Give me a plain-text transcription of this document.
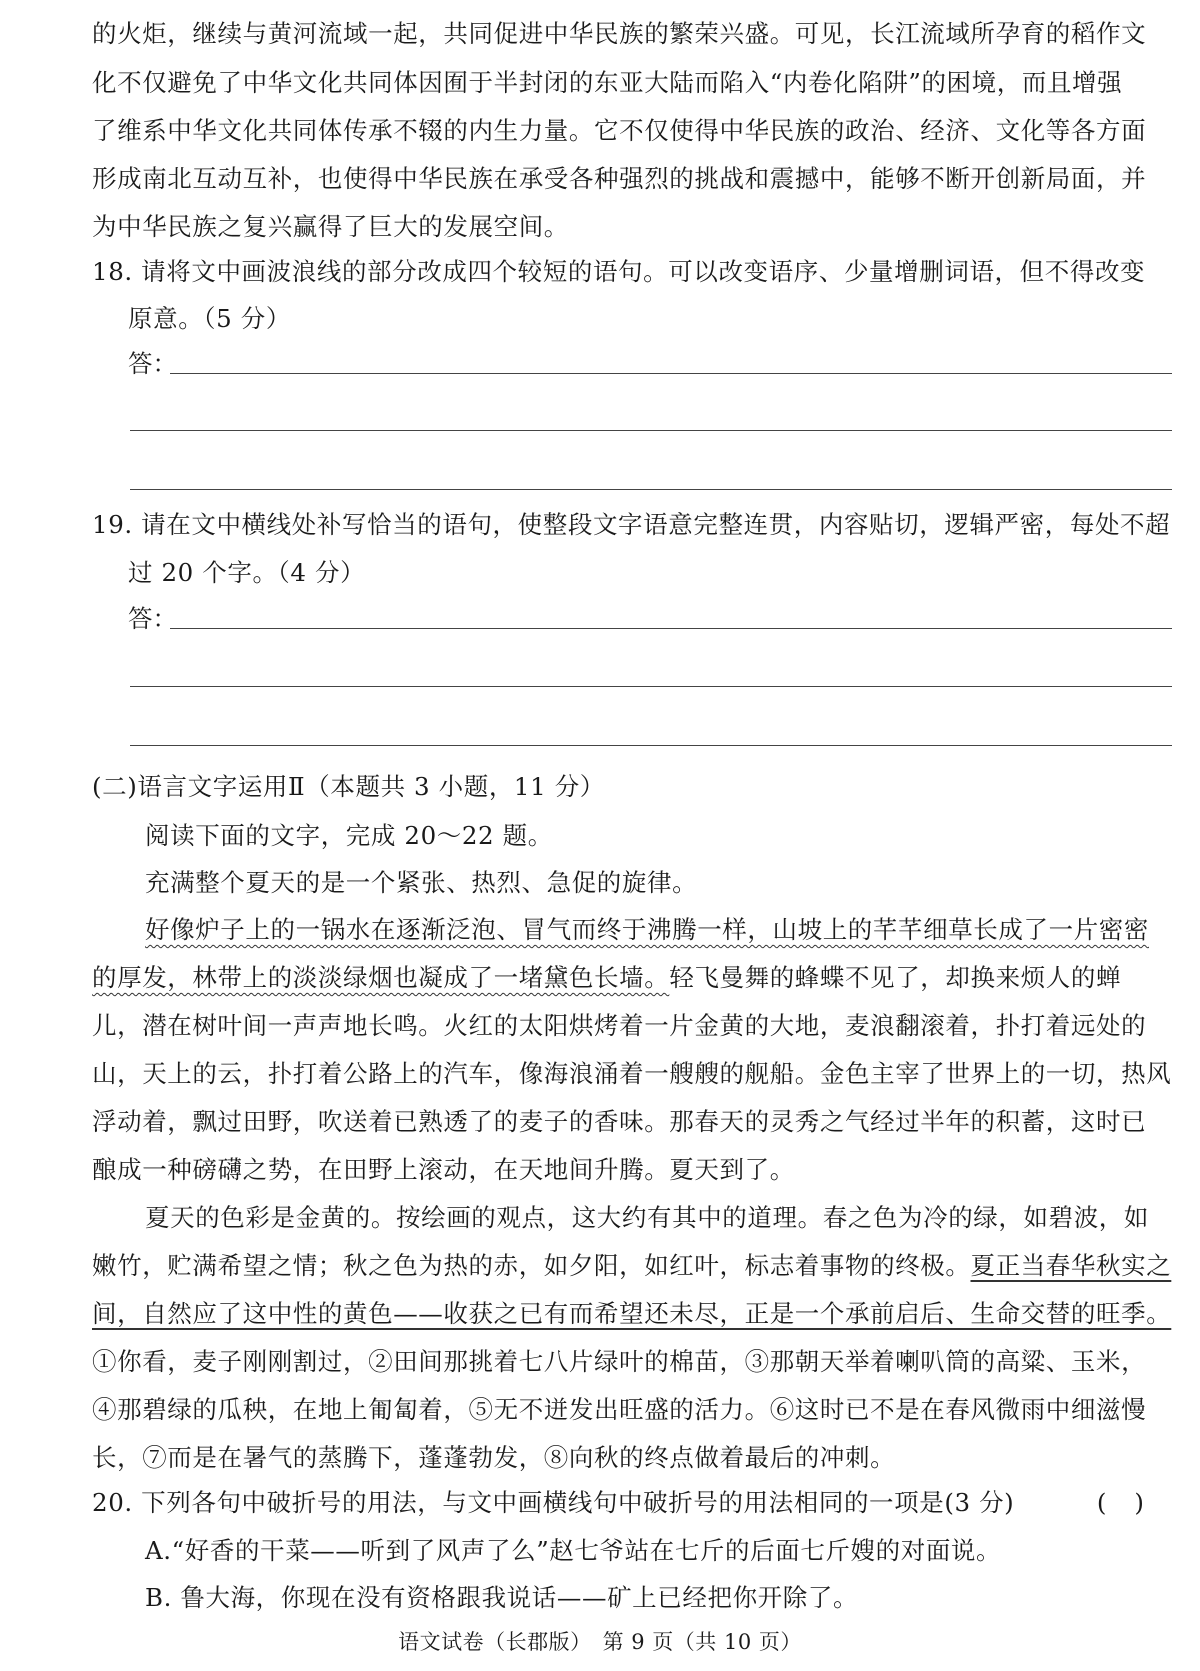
的火炬，继续与黄河流域一起，共同促进中华民族的繁荣兴盛。可见，长江流域所孕育的稻作文
化不仅避免了中华文化共同体因囿于半封闭的东亚大陆而陷入“内卷化陷阱”的困境，而且增强
了维系中华文化共同体传承不辍的内生力量。它不仅使得中华民族的政治、经济、文化等各方面
形成南北互动互补，也使得中华民族在承受各种强烈的挑战和震撼中，能够不断开创新局面，并
为中华民族之复兴赢得了巨大的发展空间。
18. 请将文中画波浪线的部分改成四个较短的语句。可以改变语序、少量增删词语，但不得改变
原意。（5 分）
答：
19. 请在文中横线处补写恰当的语句，使整段文字语意完整连贯，内容贴切，逻辑严密，每处不超
过 20 个字。（4 分）
答：
(二)语言文字运用Ⅱ（本题共 3 小题，11 分）
阅读下面的文字，完成 20～22 题。
充满整个夏天的是一个紧张、热烈、急促的旋律。
好像炉子上的一锅水在逐渐泛泡、冒气而终于沸腾一样，山坡上的芊芊细草长成了一片密密
的厚发，林带上的淡淡绿烟也凝成了一堵黛色长墙。轻飞曼舞的蜂蝶不见了，却换来烦人的蝉
儿，潜在树叶间一声声地长鸣。火红的太阳烘烤着一片金黄的大地，麦浪翻滚着，扑打着远处的
山，天上的云，扑打着公路上的汽车，像海浪涌着一艘艘的舰船。金色主宰了世界上的一切，热风
浮动着，飘过田野，吹送着已熟透了的麦子的香味。那春天的灵秀之气经过半年的积蓄，这时已
酿成一种磅礴之势，在田野上滚动，在天地间升腾。夏天到了。
夏天的色彩是金黄的。按绘画的观点，这大约有其中的道理。春之色为冷的绿，如碧波，如
嫩竹，贮满希望之情；秋之色为热的赤，如夕阳，如红叶，标志着事物的终极。夏正当春华秋实之
间，自然应了这中性的黄色——收获之已有而希望还未尽，正是一个承前启后、生命交替的旺季。
①你看，麦子刚刚割过，②田间那挑着七八片绿叶的棉苗，③那朝天举着喇叭筒的高粱、玉米，
④那碧绿的瓜秧，在地上匍匐着，⑤无不迸发出旺盛的活力。⑥这时已不是在春风微雨中细滋慢
长，⑦而是在暑气的蒸腾下，蓬蓬勃发，⑧向秋的终点做着最后的冲刺。
20. 下列各句中破折号的用法，与文中画横线句中破折号的用法相同的一项是(3 分)	()
A.“好香的干菜——听到了风声了么”赵七爷站在七斤的后面七斤嫂的对面说。
B. 鲁大海，你现在没有资格跟我说话——矿上已经把你开除了。
语文试卷（长郡版）　第 9 页（共 10 页）
